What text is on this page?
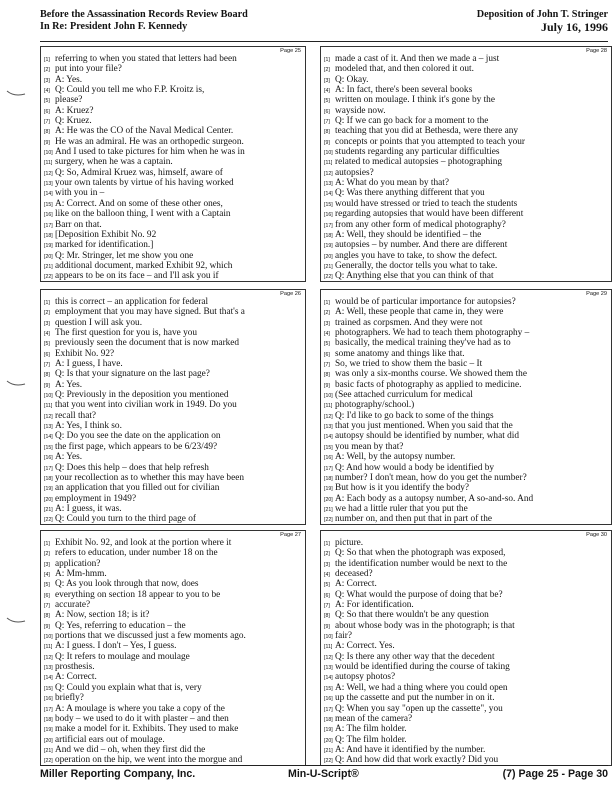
Before the Assassination Records Review Board
In Re: President John F. Kennedy
Deposition of John T. Stringer
July 16, 1996
Page 25
[1] referring to when you stated that letters had been
[2] put into your file?
[3] A: Yes.
[4] Q: Could you tell me who F.P. Kroitz is,
[5] please?
[6] A: Kruez?
[7] Q: Kruez.
[8] A: He was the CO of the Naval Medical Center.
[9] He was an admiral. He was an orthopedic surgeon.
[10] And I used to take pictures for him when he was in
[11] surgery, when he was a captain.
[12] Q: So, Admiral Kruez was, himself, aware of
[13] your own talents by virtue of his having worked
[14] with you in –
[15] A: Correct. And on some of these other ones,
[16] like on the balloon thing, I went with a Captain
[17] Barr on that.
[18] [Deposition Exhibit No. 92
[19] marked for identification.]
[20] Q: Mr. Stringer, let me show you one
[21] additional document, marked Exhibit 92, which
[22] appears to be on its face – and I'll ask you if
Page 28
[1] made a cast of it. And then we made a – just
[2] modeled that, and then colored it out.
[3] Q: Okay.
[4] A: In fact, there's been several books
[5] written on moulage. I think it's gone by the
[6] wayside now.
[7] Q: If we can go back for a moment to the
[8] teaching that you did at Bethesda, were there any
[9] concepts or points that you attempted to teach your
[10] students regarding any particular difficulties
[11] related to medical autopsies – photographing
[12] autopsies?
[13] A: What do you mean by that?
[14] Q: Was there anything different that you
[15] would have stressed or tried to teach the students
[16] regarding autopsies that would have been different
[17] from any other form of medical photography?
[18] A: Well, they should be identified – the
[19] autopsies – by number. And there are different
[20] angles you have to take, to show the defect.
[21] Generally, the doctor tells you what to take.
[22] Q: Anything else that you can think of that
Page 26
[1] this is correct – an application for federal
[2] employment that you may have signed. But that's a
[3] question I will ask you.
[4] The first question for you is, have you
[5] previously seen the document that is now marked
[6] Exhibit No. 92?
[7] A: I guess, I have.
[8] Q: Is that your signature on the last page?
[9] A: Yes.
[10] Q: Previously in the deposition you mentioned
[11] that you went into civilian work in 1949. Do you
[12] recall that?
[13] A: Yes, I think so.
[14] Q: Do you see the date on the application on
[15] the first page, which appears to be 6/23/49?
[16] A: Yes.
[17] Q: Does this help – does that help refresh
[18] your recollection as to whether this may have been
[19] an application that you filled out for civilian
[20] employment in 1949?
[21] A: I guess, it was.
[22] Q: Could you turn to the third page of
Page 29
[1] would be of particular importance for autopsies?
[2] A: Well, these people that came in, they were
[3] trained as corpsmen. And they were not
[4] photographers. We had to teach them photography –
[5] basically, the medical training they've had as to
[6] some anatomy and things like that.
[7] So, we tried to show them the basic – It
[8] was only a six-months course. We showed them the
[9] basic facts of photography as applied to medicine.
[10] (See attached curriculum for medical
[11] photography/school.)
[12] Q: I'd like to go back to some of the things
[13] that you just mentioned. When you said that the
[14] autopsy should be identified by number, what did
[15] you mean by that?
[16] A: Well, by the autopsy number.
[17] Q: And how would a body be identified by
[18] number? I don't mean, how do you get the number?
[19] But how is it you identify the body?
[20] A: Each body as a autopsy number, A so-and-so. And
[21] we had a little ruler that you put the
[22] number on, and then put that in part of the
Page 27
[1] Exhibit No. 92, and look at the portion where it
[2] refers to education, under number 18 on the
[3] application?
[4] A: Mm-hmm.
[5] Q: As you look through that now, does
[6] everything on section 18 appear to you to be
[7] accurate?
[8] A: Now, section 18; is it?
[9] Q: Yes, referring to education – the
[10] portions that we discussed just a few moments ago.
[11] A: I guess. I don't – Yes, I guess.
[12] Q: It refers to moulage and moulage
[13] prosthesis.
[14] A: Correct.
[15] Q: Could you explain what that is, very
[16] briefly?
[17] A: A moulage is where you take a copy of the
[18] body – we used to do it with plaster – and then
[19] make a model for it. Exhibits. They used to make
[20] artificial ears out of moulage.
[21] And we did – oh, when they first did the
[22] operation on the hip, we went into the morgue and
Page 30
[1] picture.
[2] Q: So that when the photograph was exposed,
[3] the identification number would be next to the
[4] deceased?
[5] A: Correct.
[6] Q: What would the purpose of doing that be?
[7] A: For identification.
[8] Q: So that there wouldn't be any question
[9] about whose body was in the photograph; is that
[10] fair?
[11] A: Correct. Yes.
[12] Q: Is there any other way that the decedent
[13] would be identified during the course of taking
[14] autopsy photos?
[15] A: Well, we had a thing where you could open
[16] up the cassette and put the number in on it.
[17] Q: When you say "open up the cassette", you
[18] mean of the camera?
[19] A: The film holder.
[20] Q: The film holder.
[21] A: And have it identified by the number.
[22] Q: And how did that work exactly? Did you
Miller Reporting Company, Inc.	Min-U-Script®	(7) Page 25 - Page 30
